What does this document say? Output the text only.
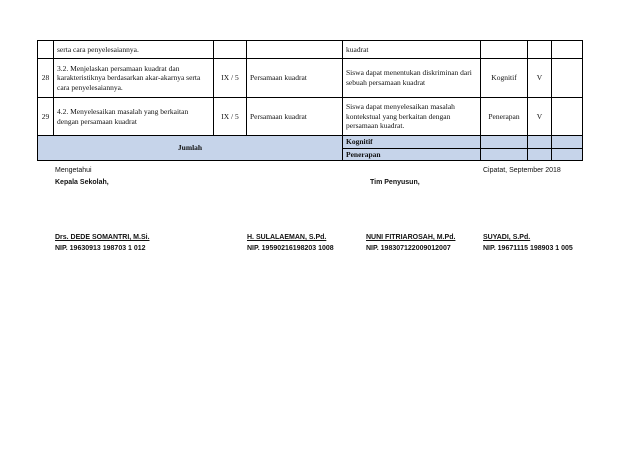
	serta cara penyelesaiannya.			kuadrat			
28	3.2. Menjelaskan persamaan kuadrat dan karakteristiknya berdasarkan akar-akarnya serta cara penyelesaiannya.	IX / 5	Persamaan kuadrat	Siswa dapat menentukan diskriminan dari sebuah persamaan kuadrat	Kognitif	V	
29	4.2. Menyelesaikan masalah yang berkaitan dengan persamaan kuadrat	IX / 5	Persamaan kuadrat	Siswa dapat menyelesaikan masalah kontekstual yang berkaitan dengan persamaan kuadrat.	Penerapan	V	
Jumlah				Kognitif			
				Penerapan			
Mengetahui
Kepala Sekolah,
Cipatat, September 2018
Tim Penyusun,
Drs. DEDE SOMANTRI, M.Si.
NIP. 19630913 198703 1 012
H. SULALAEMAN, S.Pd.
NIP. 19590216198203 1008
NUNI FITRIAROSAH, M.Pd.
NIP. 198307122009012007
SUYADI, S.Pd.
NIP. 19671115 198903 1 005
